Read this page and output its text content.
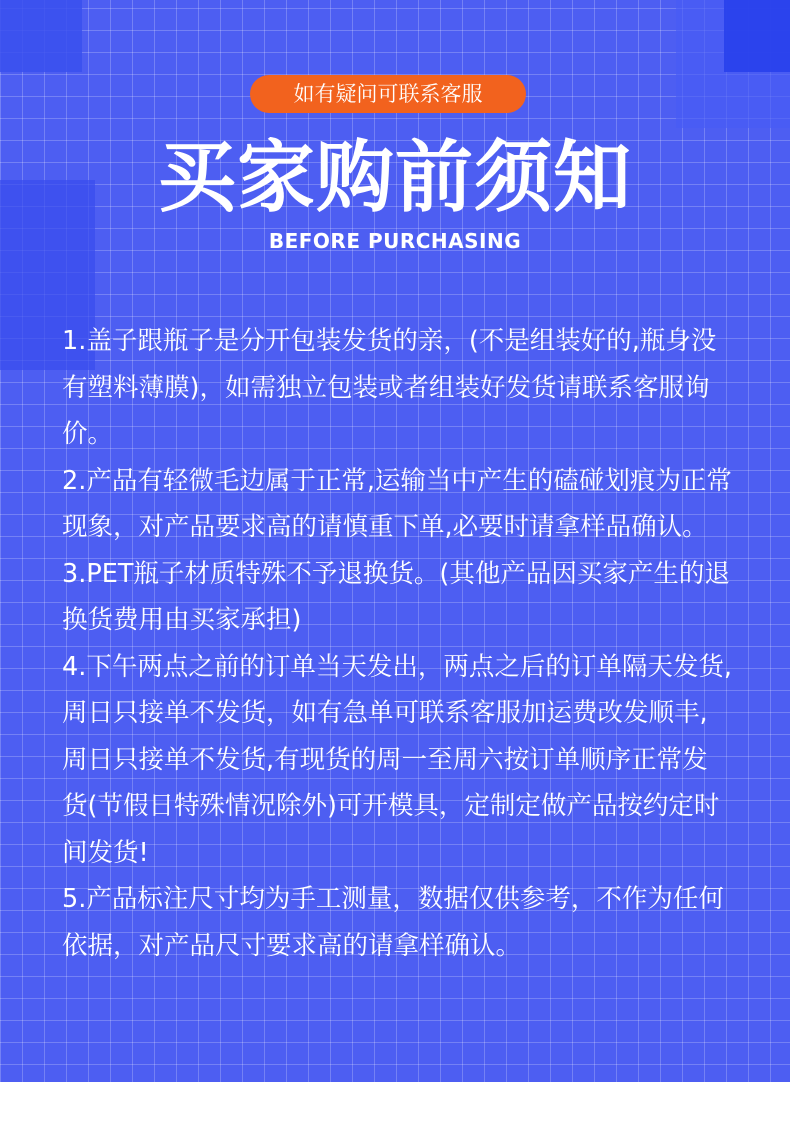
如有疑问可联系客服
买家购前须知
BEFORE PURCHASING

1.盖子跟瓶子是分开包装发货的亲，(不是组装好的,瓶身没有塑料薄膜)，如需独立包装或者组装好发货请联系客服询价。

2.产品有轻微毛边属于正常,运输当中产生的磕碰划痕为正常现象，对产品要求高的请慎重下单,必要时请拿样品确认。

3.PET瓶子材质特殊不予退换货。(其他产品因买家产生的退换货费用由买家承担)

4.下午两点之前的订单当天发出，两点之后的订单隔天发货,周日只接单不发货，如有急单可联系客服加运费改发顺丰,周日只接单不发货,有现货的周一至周六按订单顺序正常发货(节假日特殊情况除外)可开模具，定制定做产品按约定时间发货!

5.产品标注尺寸均为手工测量，数据仅供参考，不作为任何依据，对产品尺寸要求高的请拿样确认。
